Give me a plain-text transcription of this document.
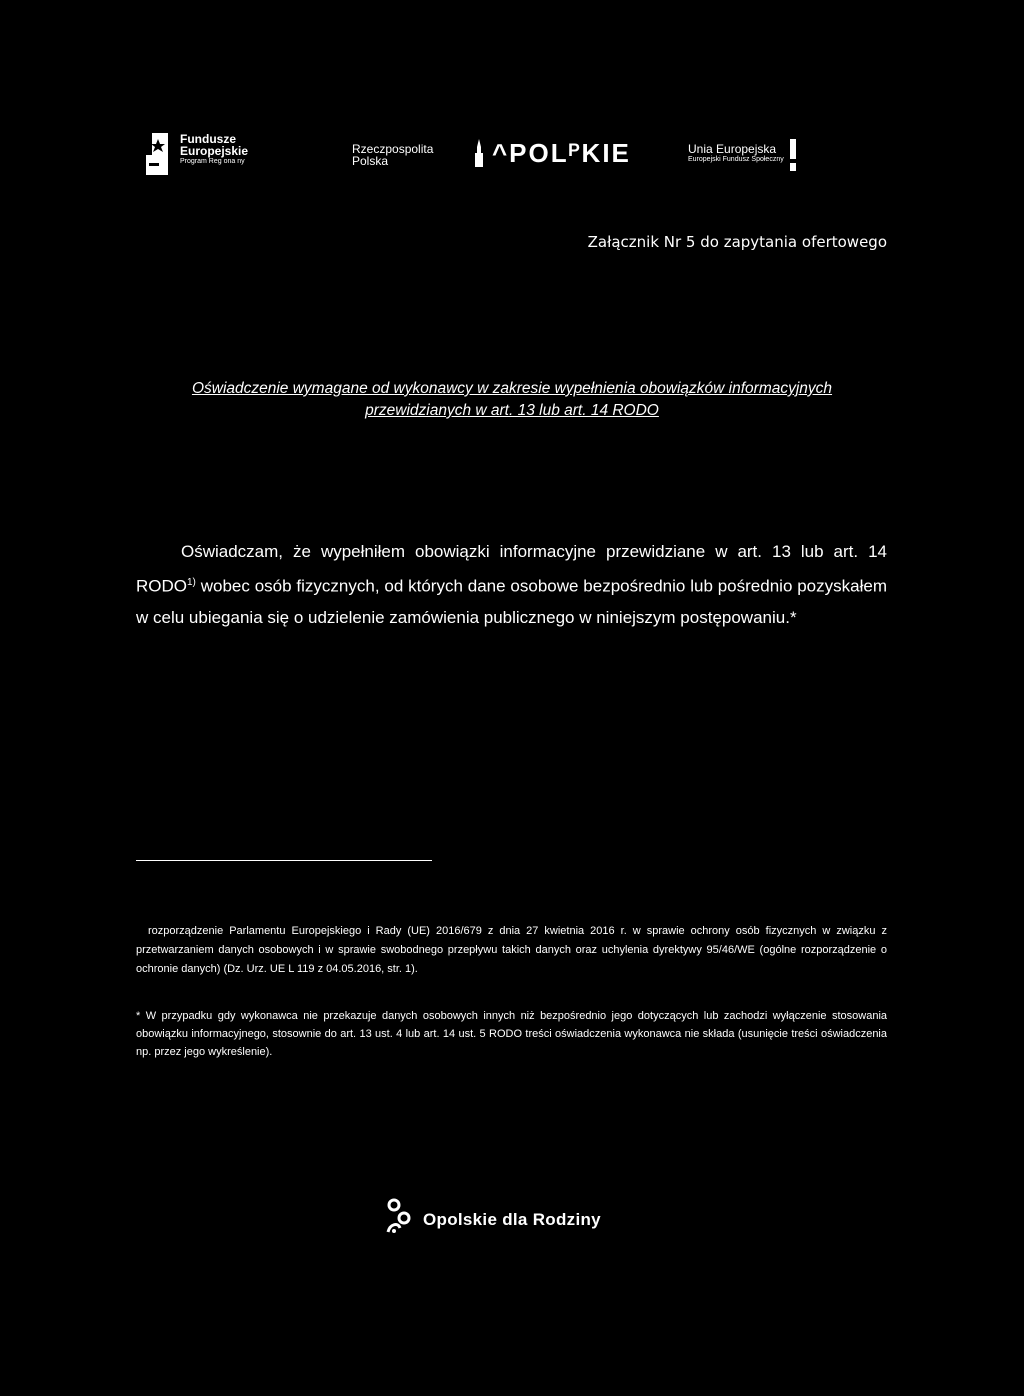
Fundusze
Europejskie
Program Reg ona ny
Rzeczpospolita
Polska	^POLᴾKIE	Unia Europejska
Europejski Fundusz Społeczny
Załącznik Nr 5 do zapytania ofertowego
Oświadczenie wymagane od wykonawcy w zakresie wypełnienia obowiązków informacyjnych przewidzianych w art. 13 lub art. 14 RODO
Oświadczam, że wypełniłem obowiązki informacyjne przewidziane w art. 13 lub art. 14 RODO$^{1)}$ wobec osób fizycznych, od których dane osobowe bezpośrednio lub pośrednio pozyskałem w celu ubiegania się o udzielenie zamówienia publicznego w niniejszym postępowaniu.*
rozporządzenie Parlamentu Europejskiego i Rady (UE) 2016/679 z dnia 27 kwietnia 2016 r. w sprawie ochrony osób fizycznych w związku z przetwarzaniem danych osobowych i w sprawie swobodnego przepływu takich danych oraz uchylenia dyrektywy 95/46/WE (ogólne rozporządzenie o ochronie danych) (Dz. Urz. UE L 119 z 04.05.2016, str. 1).
* W przypadku gdy wykonawca nie przekazuje danych osobowych innych niż bezpośrednio jego dotyczących lub zachodzi wyłączenie stosowania obowiązku informacyjnego, stosownie do art. 13 ust. 4 lub art. 14 ust. 5 RODO treści oświadczenia wykonawca nie składa (usunięcie treści oświadczenia np. przez jego wykreślenie).
Opolskie dla Rodziny
